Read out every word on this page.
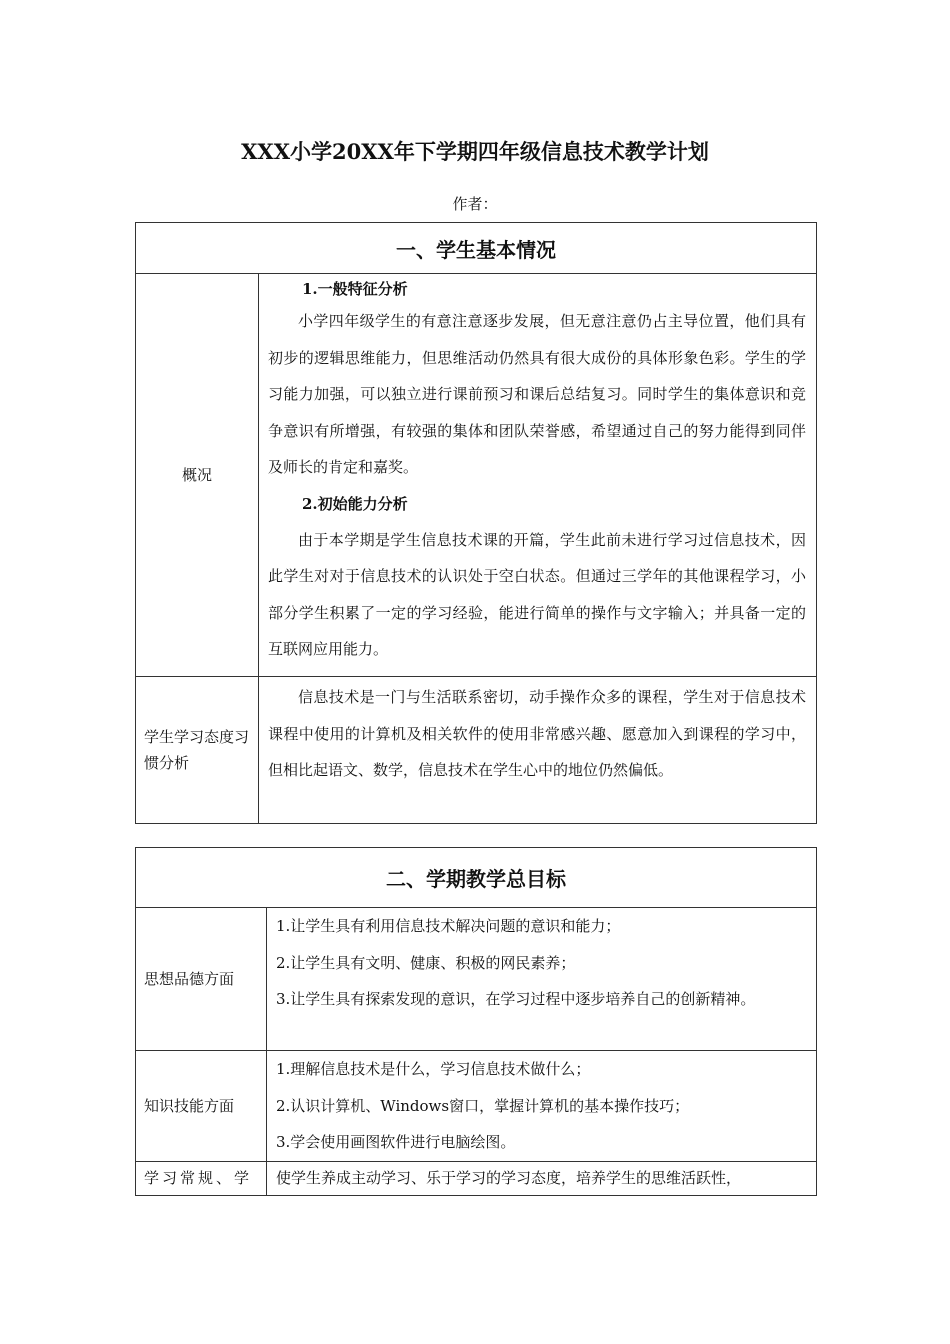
XXX小学20XX年下学期四年级信息技术教学计划
作者：
一、学生基本情况	
概况	1.一般特征分析

小学四年级学生的有意注意逐步发展，但无意注意仍占主导位置，他们具有初步的逻辑思维能力，但思维活动仍然具有很大成份的具体形象色彩。学生的学习能力加强，可以独立进行课前预习和课后总结复习。同时学生的集体意识和竞争意识有所增强，有较强的集体和团队荣誉感，希望通过自己的努力能得到同伴及师长的肯定和嘉奖。

2.初始能力分析

由于本学期是学生信息技术课的开篇，学生此前未进行学习过信息技术，因此学生对对于信息技术的认识处于空白状态。但通过三学年的其他课程学习，小部分学生积累了一定的学习经验，能进行简单的操作与文字输入；并具备一定的互联网应用能力。

学生学习态度习惯分析	信息技术是一门与生活联系密切，动手操作众多的课程，学生对于信息技术课程中使用的计算机及相关软件的使用非常感兴趣、愿意加入到课程的学习中，但相比起语文、数学，信息技术在学生心中的地位仍然偏低。

二、学期教学总目标	
思想品德方面	1.让学生具有利用信息技术解决问题的意识和能力；

2.让学生具有文明、健康、积极的网民素养；

3.让学生具有探索发现的意识，在学习过程中逐步培养自己的创新精神。

知识技能方面	1.理解信息技术是什么，学习信息技术做什么；

2.认识计算机、Windows窗口，掌握计算机的基本操作技巧；

3.学会使用画图软件进行电脑绘图。

学习常规、学	使学生养成主动学习、乐于学习的学习态度，培养学生的思维活跃性，
